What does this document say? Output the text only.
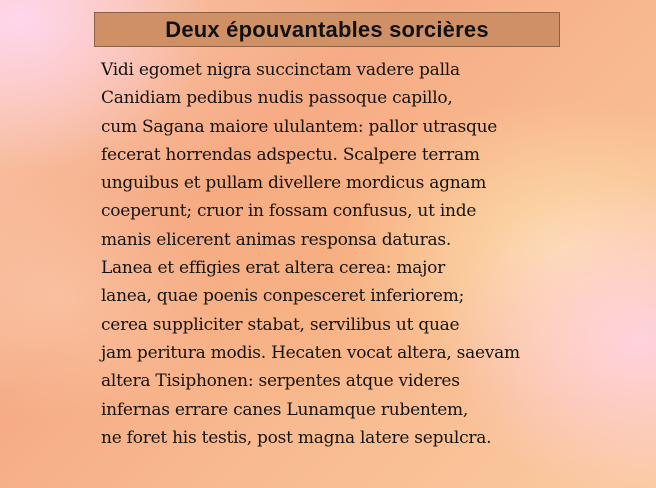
Deux épouvantables sorcières
Vidi egomet nigra succinctam vadere palla
Canidiam pedibus nudis passoque capillo,
cum Sagana maiore ululantem: pallor utrasque
fecerat horrendas adspectu. Scalpere terram
unguibus et pullam divellere mordicus agnam
coeperunt; cruor in fossam confusus, ut inde
manis elicerent animas responsa daturas.
Lanea et effigies erat altera cerea: major
lanea, quae poenis conpesceret inferiorem;
cerea suppliciter stabat, servilibus ut quae
jam peritura modis. Hecaten vocat altera, saevam
altera Tisiphonen: serpentes atque videres
infernas errare canes Lunamque rubentem,
ne foret his testis, post magna latere sepulcra.
